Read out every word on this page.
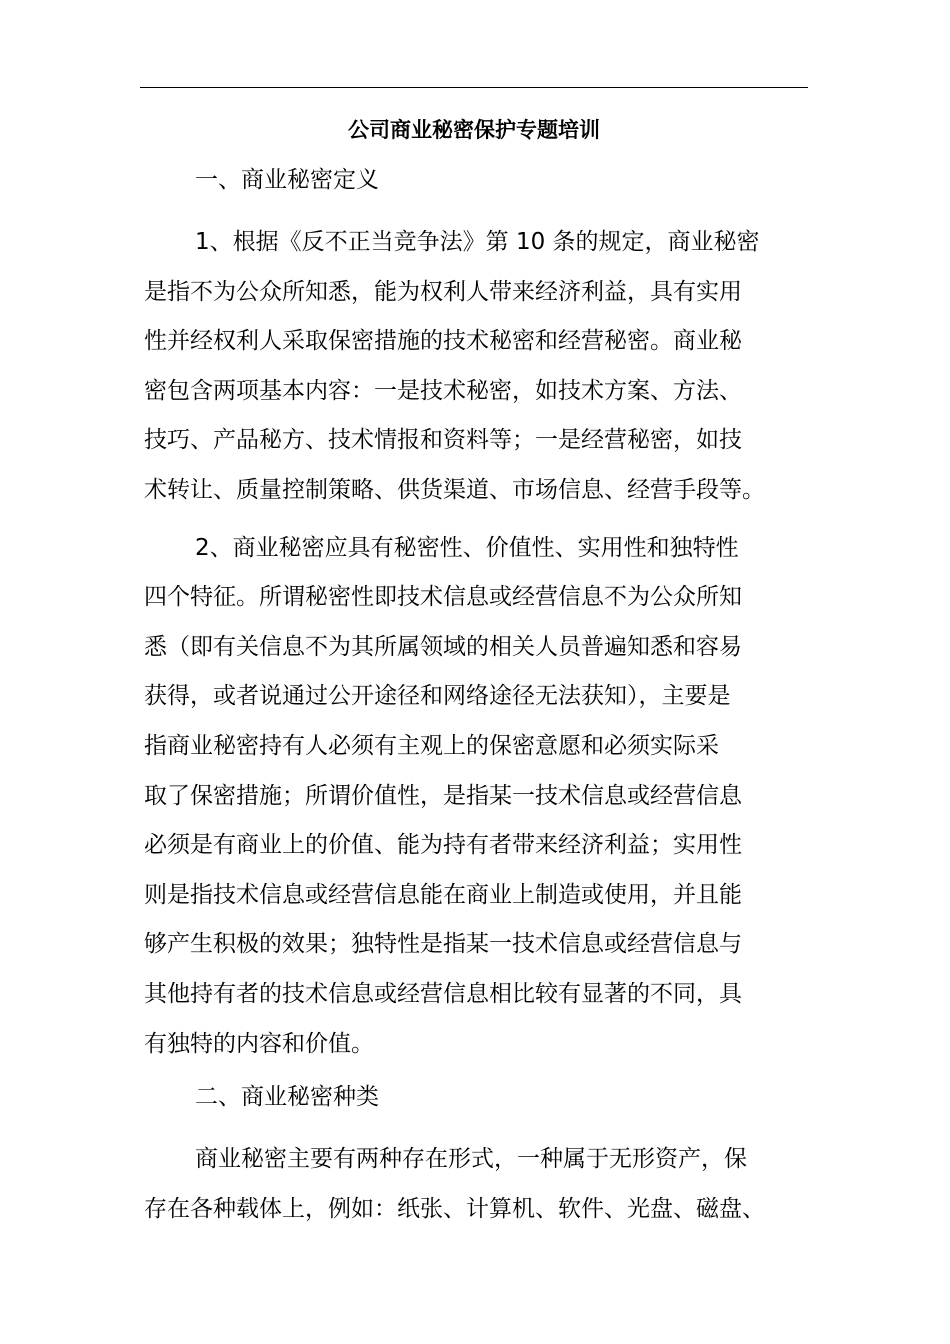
公司商业秘密保护专题培训
一、商业秘密定义
1、根据《反不正当竞争法》第 10 条的规定，商业秘密
是指不为公众所知悉，能为权利人带来经济利益，具有实用
性并经权利人采取保密措施的技术秘密和经营秘密。商业秘
密包含两项基本内容：一是技术秘密，如技术方案、方法、
技巧、产品秘方、技术情报和资料等；一是经营秘密，如技
术转让、质量控制策略、供货渠道、市场信息、经营手段等。
2、商业秘密应具有秘密性、价值性、实用性和独特性
四个特征。所谓秘密性即技术信息或经营信息不为公众所知
悉（即有关信息不为其所属领域的相关人员普遍知悉和容易
获得，或者说通过公开途径和网络途径无法获知），主要是
指商业秘密持有人必须有主观上的保密意愿和必须实际采
取了保密措施；所谓价值性，是指某一技术信息或经营信息
必须是有商业上的价值、能为持有者带来经济利益；实用性
则是指技术信息或经营信息能在商业上制造或使用，并且能
够产生积极的效果；独特性是指某一技术信息或经营信息与
其他持有者的技术信息或经营信息相比较有显著的不同，具
有独特的内容和价值。
二、商业秘密种类
商业秘密主要有两种存在形式，一种属于无形资产，保
存在各种载体上，例如：纸张、计算机、软件、光盘、磁盘、
